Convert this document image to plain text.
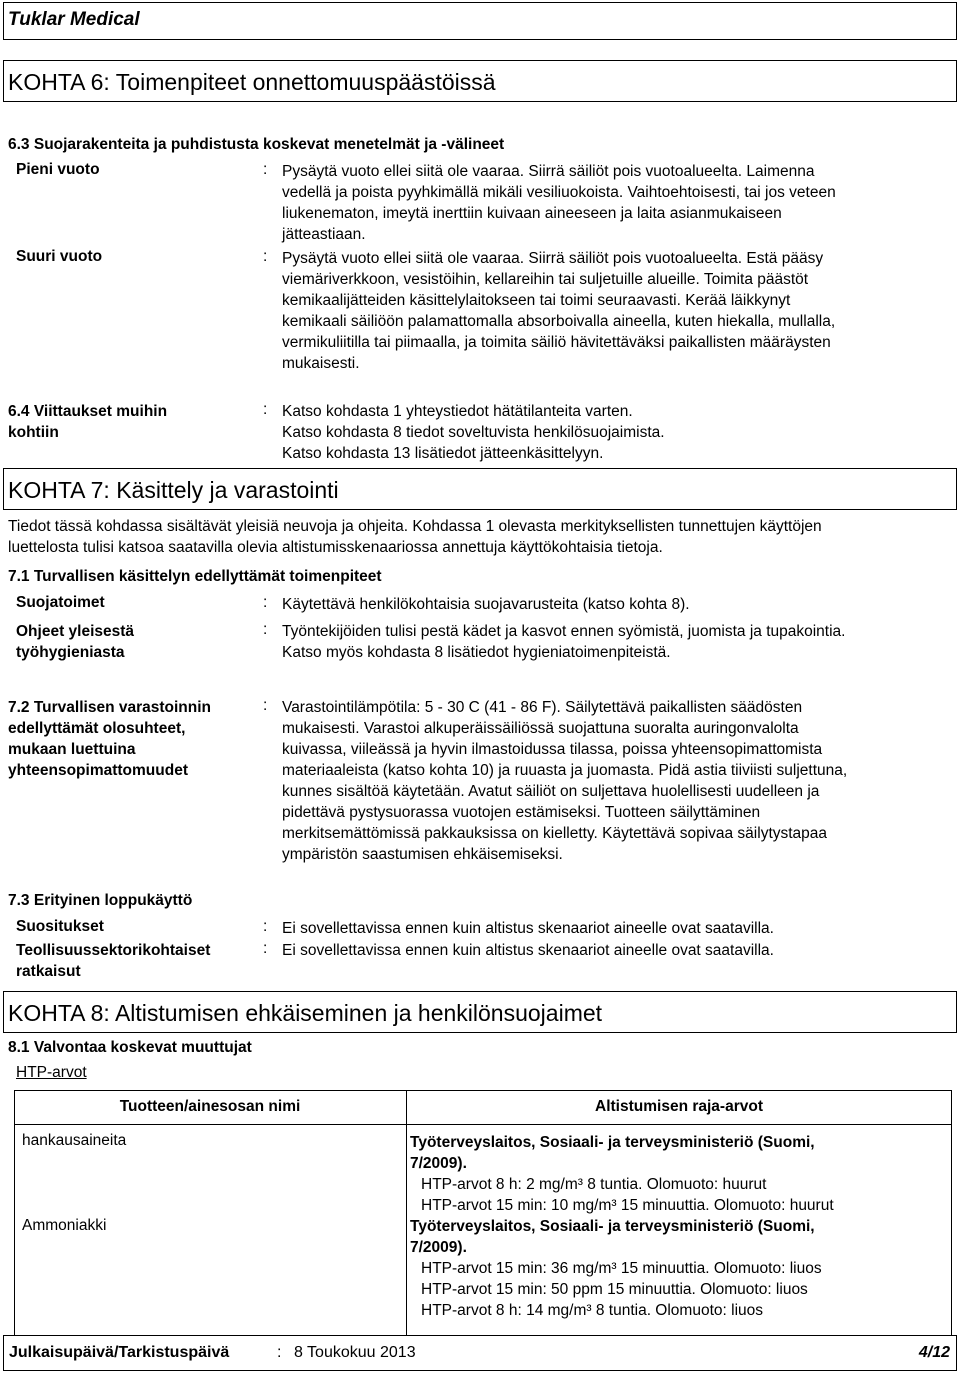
Tuklar Medical
KOHTA 6: Toimenpiteet onnettomuuspäästöissä
6.3 Suojarakenteita ja puhdistusta koskevat menetelmät ja -välineet
Pieni vuoto	: Pysäytä vuoto ellei siitä ole vaaraa. Siirrä säiliöt pois vuotoalueelta. Laimenna
vedellä ja poista pyyhkimällä mikäli vesiliuokoista. Vaihtoehtoisesti, tai jos veteen
liukenematon, imeytä inerttiin kuivaan aineeseen ja laita asianmukaiseen
jätteastiaan.
Suuri vuoto	: Pysäytä vuoto ellei siitä ole vaaraa. Siirrä säiliöt pois vuotoalueelta. Estä pääsy
viemäriverkkoon, vesistöihin, kellareihin tai suljetuille alueille. Toimita päästöt
kemikaalijätteiden käsittelylaitokseen tai toimi seuraavasti. Kerää läikkynyt
kemikaali säiliöön palamattomalla absorboivalla aineella, kuten hiekalla, mullalla,
vermikuliitilla tai piimaalla, ja toimita säiliö hävitettäväksi paikallisten määräysten
mukaisesti.
6.4 Viittaukset muihin
kohtiin
: Katso kohdasta 1 yhteystiedot hätätilanteita varten.
Katso kohdasta 8 tiedot soveltuvista henkilösuojaimista.
Katso kohdasta 13 lisätiedot jätteenkäsittelyyn.
KOHTA 7: Käsittely ja varastointi
Tiedot tässä kohdassa sisältävät yleisiä neuvoja ja ohjeita. Kohdassa 1 olevasta merkityksellisten tunnettujen käyttöjen
luettelosta tulisi katsoa saatavilla olevia altistumisskenaariossa annettuja käyttökohtaisia tietoja.
7.1 Turvallisen käsittelyn edellyttämät toimenpiteet
Suojatoimet	: Käytettävä henkilökohtaisia suojavarusteita (katso kohta 8).
Ohjeet yleisestä
työhygieniasta
: Työntekijöiden tulisi pestä kädet ja kasvot ennen syömistä, juomista ja tupakointia.
Katso myös kohdasta 8 lisätiedot hygieniatoimenpiteistä.
7.2 Turvallisen varastoinnin
edellyttämät olosuhteet,
mukaan luettuina
yhteensopimattomuudet
: Varastointilämpötila: 5 - 30 C (41 - 86 F). Säilytettävä paikallisten säädösten
mukaisesti. Varastoi alkuperäissäiliössä suojattuna suoralta auringonvalolta
kuivassa, viileässä ja hyvin ilmastoidussa tilassa, poissa yhteensopimattomista
materiaaleista (katso kohta 10) ja ruuasta ja juomasta. Pidä astia tiiviisti suljettuna,
kunnes sisältöä käytetään. Avatut säiliöt on suljettava huolellisesti uudelleen ja
pidettävä pystysuorassa vuotojen estämiseksi. Tuotteen säilyttäminen
merkitsemättömissä pakkauksissa on kielletty. Käytettävä sopivaa säilytystapaa
ympäristön saastumisen ehkäisemiseksi.
7.3 Erityinen loppukäyttö
Suositukset	: Ei sovellettavissa ennen kuin altistus skenaariot aineelle ovat saatavilla.
Teollisuussektorikohtaiset
ratkaisut
: Ei sovellettavissa ennen kuin altistus skenaariot aineelle ovat saatavilla.
KOHTA 8: Altistumisen ehkäiseminen ja henkilönsuojaimet
8.1 Valvontaa koskevat muuttujat
HTP-arvot
Tuotteen/ainesosan nimi	Altistumisen raja-arvot
hankausaineita	Työterveyslaitos, Sosiaali- ja terveysministeriö (Suomi,
7/2009).
HTP-arvot 8 h: 2 mg/m³ 8 tuntia. Olomuoto: huurut
HTP-arvot 15 min: 10 mg/m³ 15 minuuttia. Olomuoto: huurut
Ammoniakki	Työterveyslaitos, Sosiaali- ja terveysministeriö (Suomi,
7/2009).
HTP-arvot 15 min: 36 mg/m³ 15 minuuttia. Olomuoto: liuos
HTP-arvot 15 min: 50 ppm 15 minuuttia. Olomuoto: liuos
HTP-arvot 8 h: 14 mg/m³ 8 tuntia. Olomuoto: liuos
Julkaisupäivä/Tarkistuspäivä	: 8 Toukokuu 2013	4/12
